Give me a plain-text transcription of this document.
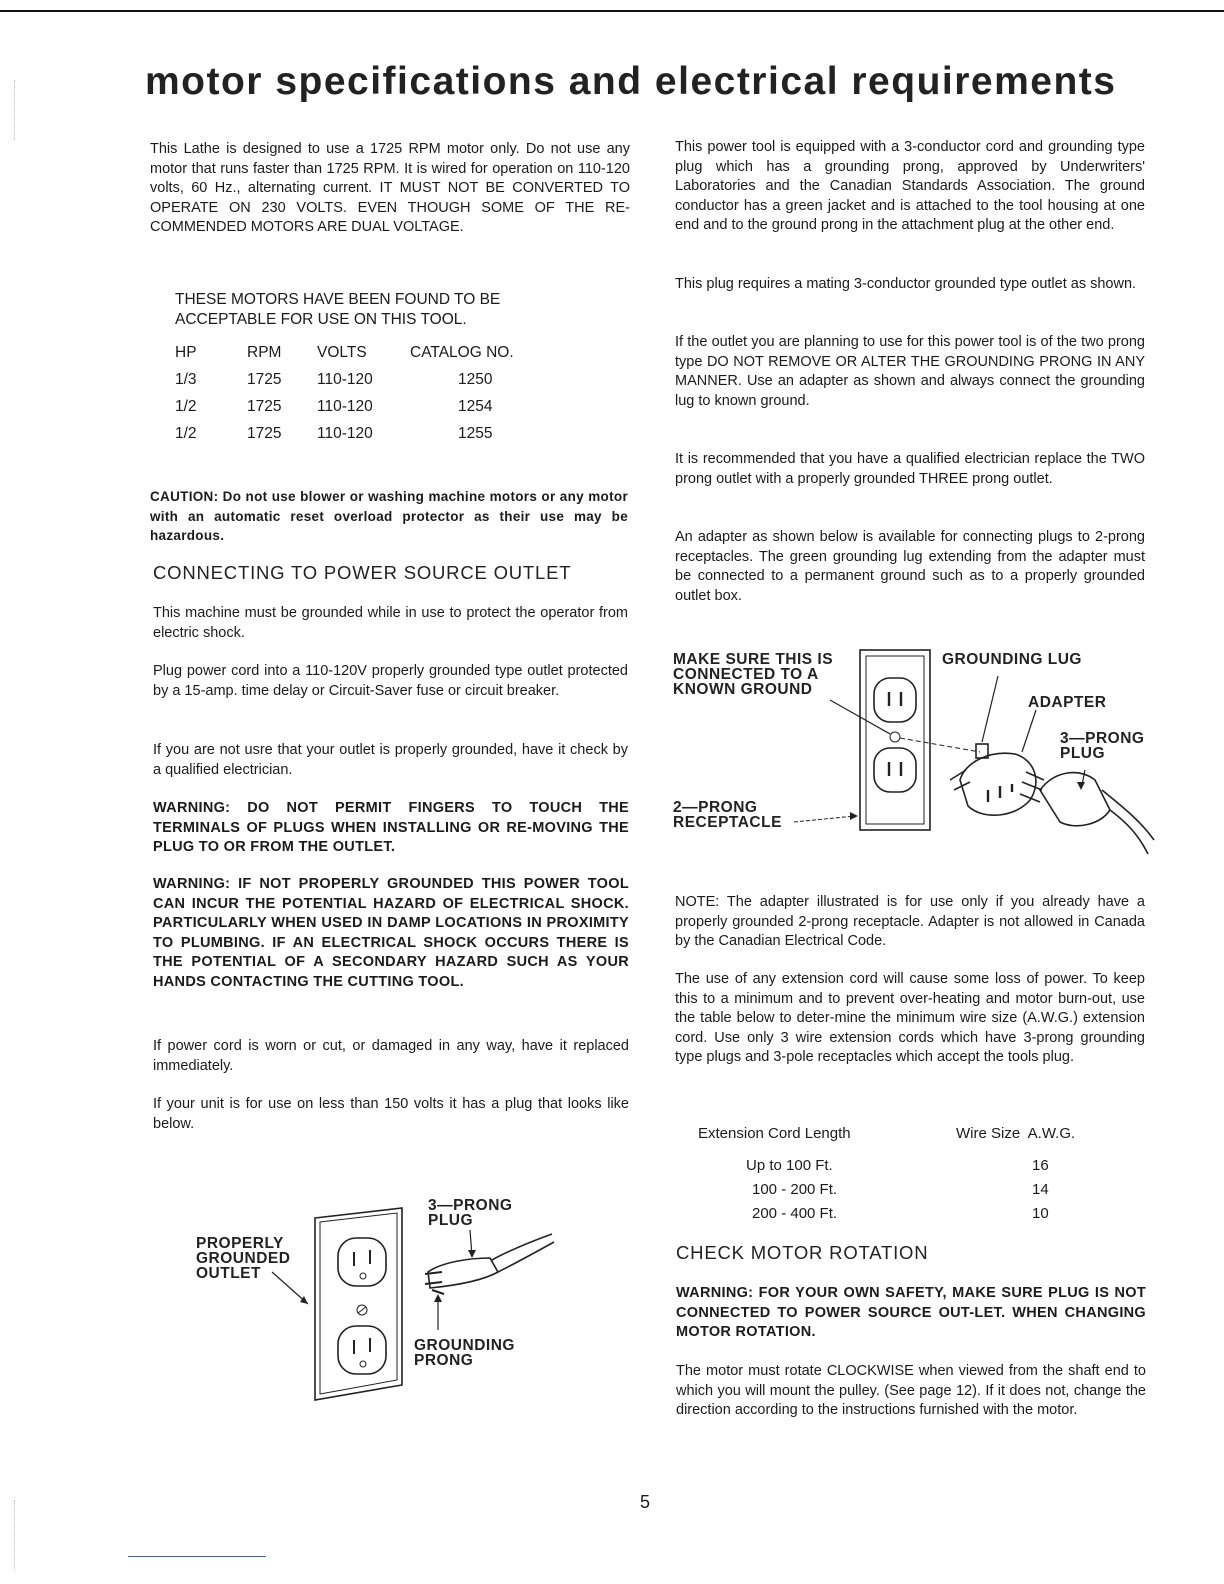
motor specifications and electrical requirements

This Lathe is designed to use a 1725 RPM motor only. Do not use any motor that runs faster than 1725 RPM. It is wired for operation on 110-120 volts, 60 Hz., alternating current. IT MUST NOT BE CONVERTED TO OPERATE ON 230 VOLTS. EVEN THOUGH SOME OF THE RE-COMMENDED MOTORS ARE DUAL VOLTAGE.

THESE MOTORS HAVE BEEN FOUND TO BE ACCEPTABLE FOR USE ON THIS TOOL.

HP	RPM	VOLTS	CATALOG NO.
1/3	1725	110-120	1250
1/2	1725	110-120	1254
1/2	1725	110-120	1255

CAUTION: Do not use blower or washing machine motors or any motor with an automatic reset overload protector as their use may be hazardous.

CONNECTING TO POWER SOURCE OUTLET

This machine must be grounded while in use to protect the operator from electric shock.

Plug power cord into a 110-120V properly grounded type outlet protected by a 15-amp. time delay or Circuit-Saver fuse or circuit breaker.

If you are not usre that your outlet is properly grounded, have it check by a qualified electrician.

WARNING: DO NOT PERMIT FINGERS TO TOUCH THE TERMINALS OF PLUGS WHEN INSTALLING OR RE-MOVING THE PLUG TO OR FROM THE OUTLET.

WARNING: IF NOT PROPERLY GROUNDED THIS POWER TOOL CAN INCUR THE POTENTIAL HAZARD OF ELECTRICAL SHOCK. PARTICULARLY WHEN USED IN DAMP LOCATIONS IN PROXIMITY TO PLUMBING. IF AN ELECTRICAL SHOCK OCCURS THERE IS THE POTENTIAL OF A SECONDARY HAZARD SUCH AS YOUR HANDS CONTACTING THE CUTTING TOOL.

If power cord is worn or cut, or damaged in any way, have it replaced immediately.

If your unit is for use on less than 150 volts it has a plug that looks like below.

PROPERLY
GROUNDED
OUTLET
3—PRONG
PLUG
GROUNDING
PRONG

This power tool is equipped with a 3-conductor cord and grounding type plug which has a grounding prong, approved by Underwriters' Laboratories and the Canadian Standards Association. The ground conductor has a green jacket and is attached to the tool housing at one end and to the ground prong in the attachment plug at the other end.

This plug requires a mating 3-conductor grounded type outlet as shown.

If the outlet you are planning to use for this power tool is of the two prong type DO NOT REMOVE OR ALTER THE GROUNDING PRONG IN ANY MANNER. Use an adapter as shown and always connect the grounding lug to known ground.

It is recommended that you have a qualified electrician replace the TWO prong outlet with a properly grounded THREE prong outlet.

An adapter as shown below is available for connecting plugs to 2-prong receptacles. The green grounding lug extending from the adapter must be connected to a permanent ground such as to a properly grounded outlet box.

MAKE SURE THIS IS
CONNECTED TO A
KNOWN GROUND
GROUNDING LUG
ADAPTER
3—PRONG
PLUG
2—PRONG
RECEPTACLE

NOTE: The adapter illustrated is for use only if you already have a properly grounded 2-prong receptacle. Adapter is not allowed in Canada by the Canadian Electrical Code.

The use of any extension cord will cause some loss of power. To keep this to a minimum and to prevent over-heating and motor burn-out, use the table below to deter-mine the minimum wire size (A.W.G.) extension cord. Use only 3 wire extension cords which have 3-prong grounding type plugs and 3-pole receptacles which accept the tools plug.

Extension Cord Length	Wire Size  A.W.G.
Up to 100 Ft.	16
100 - 200 Ft.	14
200 - 400 Ft.	10

CHECK MOTOR ROTATION

WARNING: FOR YOUR OWN SAFETY, MAKE SURE PLUG IS NOT CONNECTED TO POWER SOURCE OUT-LET. WHEN CHANGING MOTOR ROTATION.

The motor must rotate CLOCKWISE when viewed from the shaft end to which you will mount the pulley. (See page 12). If it does not, change the direction according to the instructions furnished with the motor.

5
